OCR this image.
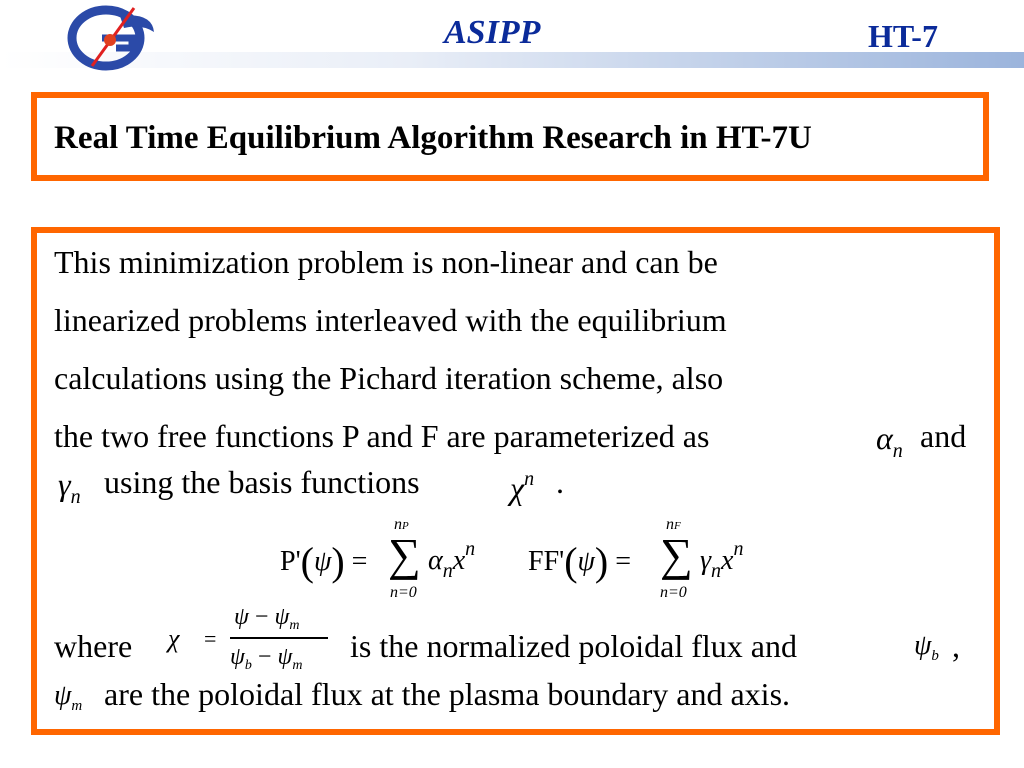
ASIPP	HT-7
Real Time Equilibrium Algorithm Research in HT-7U
This minimization problem is non-linear and can be
linearized problems interleaved with the equilibrium
calculations using the Pichard iteration scheme, also
the two free functions P and F are parameterized as	$\alpha_n$ and
$\gamma_n$ using the basis functions	$\chi^n$ .
P'(ψ) = ∑
nP
n=0
$\alpha_nx^n$ FF'(ψ) = ∑
nF
n=0
$\gamma_nx^n$
where χ =
$\psi - \psi_m$
$\psi_b - \psi_m$
is the normalized poloidal flux and	$\psi_b$ ,
$\psi_m$ are the poloidal flux at the plasma boundary and axis.
